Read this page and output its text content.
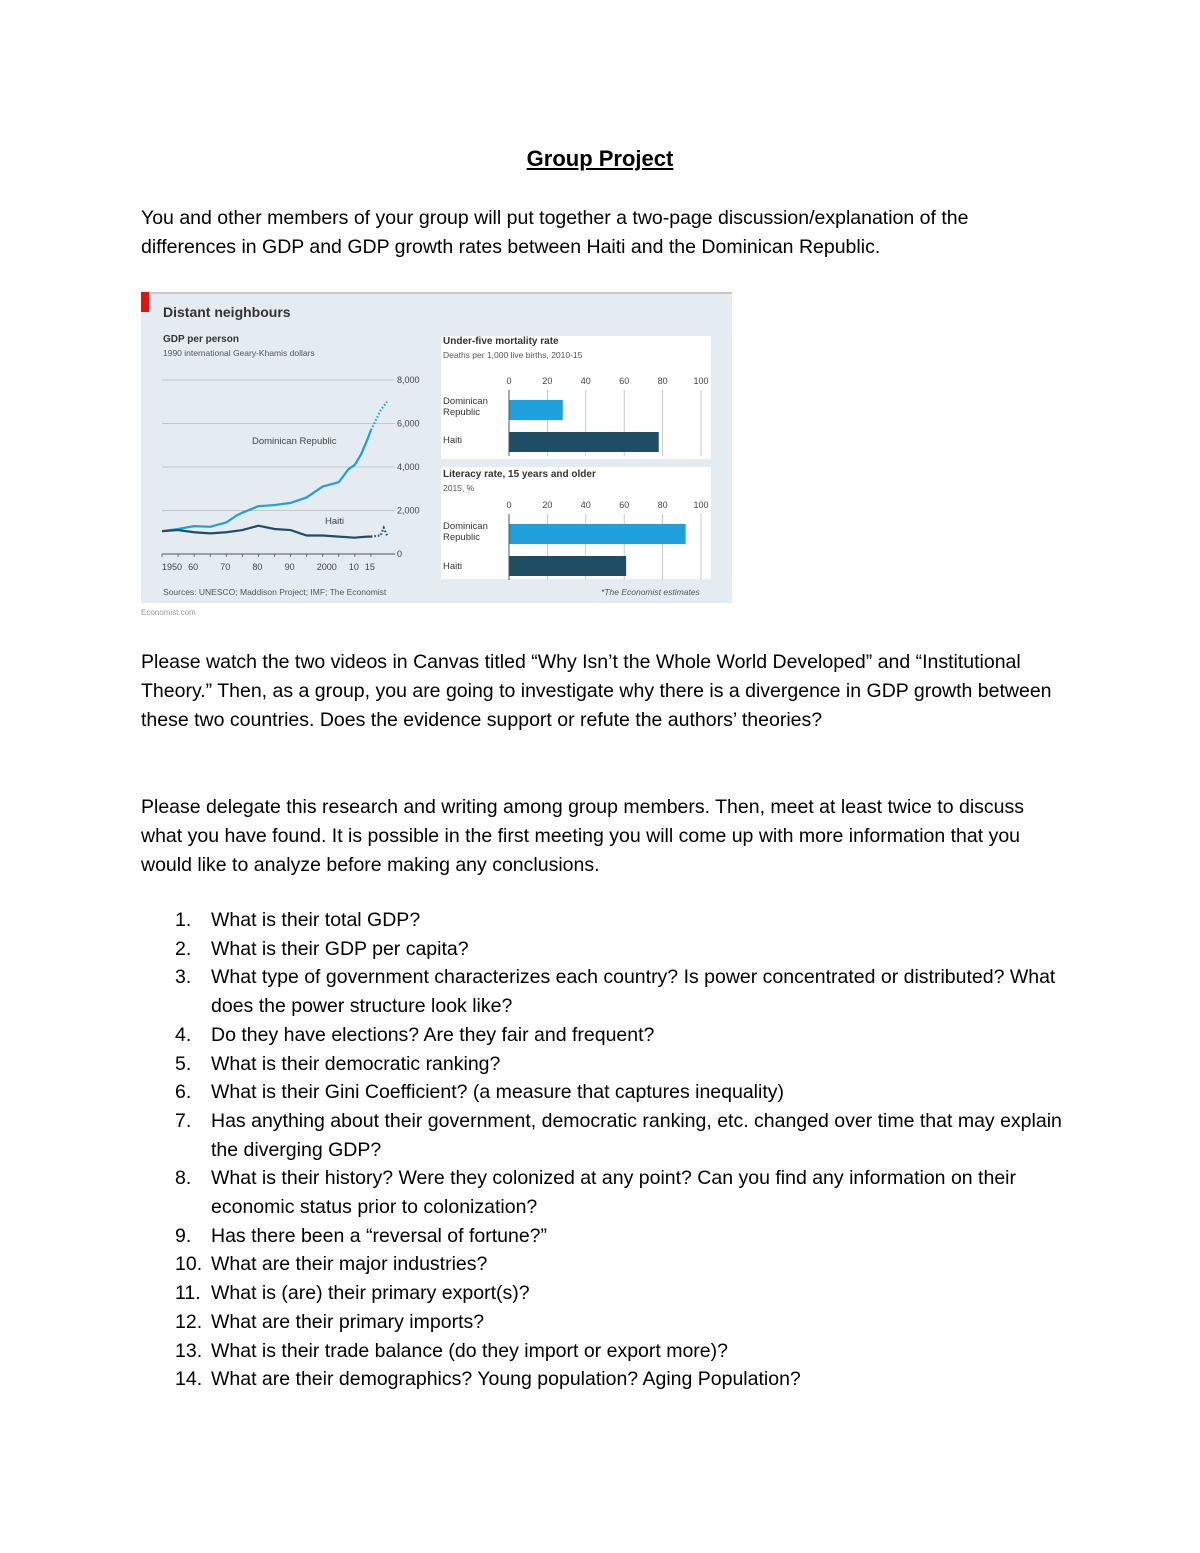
Group Project

You and other members of your group will put together a two-page discussion/explanation of the differences in GDP and GDP growth rates between Haiti and the Dominican Republic.

Distant neighbours
GDP per person
1990 international Geary-Khamis dollars
8,000
6,000
4,000
2,000
0
1950 60 70 80 90 2000 10 15
Dominican Republic
Haiti
Under-five mortality rate
Deaths per 1,000 live births, 2010-15
Dominican
Republic
Haiti
0	20	40	60	80	100
Literacy rate, 15 years and older
2015, %
Dominican
Republic
Haiti
0	20	40	60	80	100
Sources: UNESCO; Maddison Project; IMF; The Economist	*The Economist estimates
Economist.com

Please watch the two videos in Canvas titled “Why Isn’t the Whole World Developed” and “Institutional Theory.” Then, as a group, you are going to investigate why there is a divergence in GDP growth between these two countries. Does the evidence support or refute the authors’ theories?

Please delegate this research and writing among group members. Then, meet at least twice to discuss what you have found. It is possible in the first meeting you will come up with more information that you would like to analyze before making any conclusions.

1. What is their total GDP?
2. What is their GDP per capita?
3. What type of government characterizes each country? Is power concentrated or distributed? What does the power structure look like?
4. Do they have elections? Are they fair and frequent?
5. What is their democratic ranking?
6. What is their Gini Coefficient? (a measure that captures inequality)
7. Has anything about their government, democratic ranking, etc. changed over time that may explain the diverging GDP?
8. What is their history? Were they colonized at any point? Can you find any information on their economic status prior to colonization?
9. Has there been a “reversal of fortune?”
10. What are their major industries?
11. What is (are) their primary export(s)?
12. What are their primary imports?
13. What is their trade balance (do they import or export more)?
14. What are their demographics? Young population? Aging Population?
